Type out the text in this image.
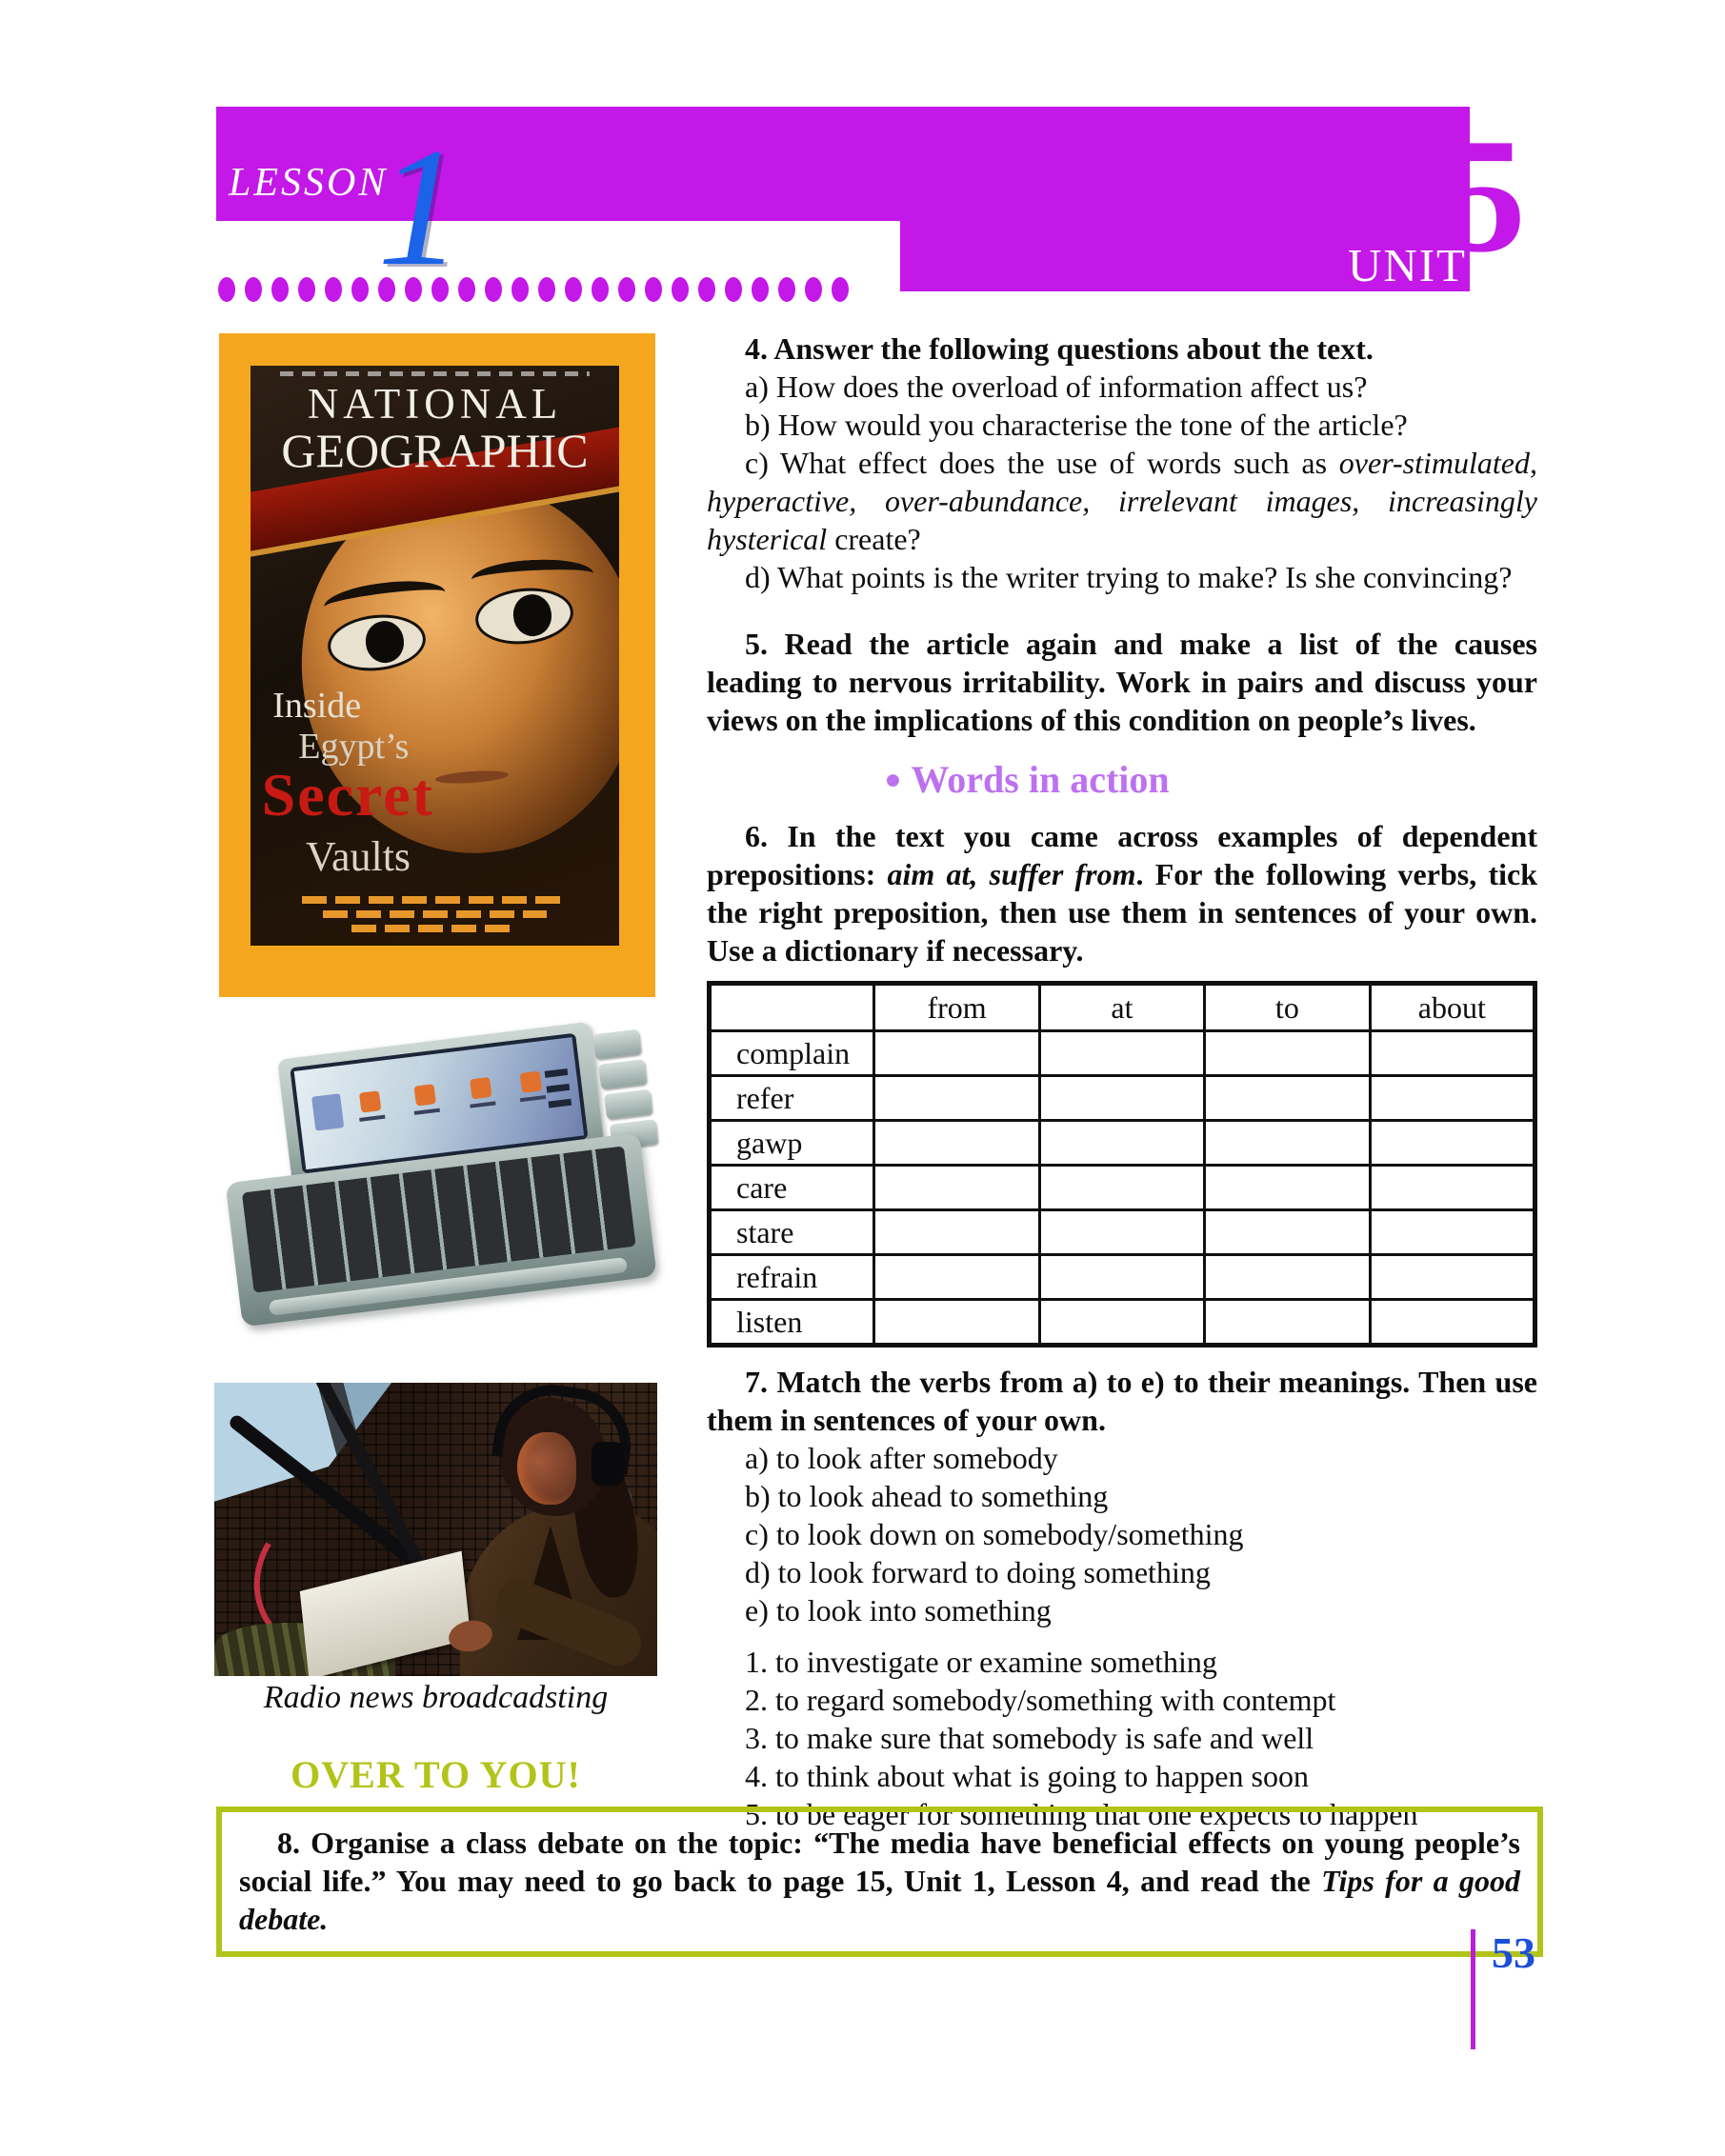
LESSON
1	UNIT
5
NATIONAL
GEOGRAPHIC
Inside
Egypt’s
Secret
Vaults
Radio news broadcadsting
OVER TO YOU!

4. Answer the following questions about the text.

a) How does the overload of information affect us?

b) How would you characterise the tone of the article?

c) What effect does the use of words such as over-stimulated, hyperactive, over-abundance, irrelevant images, increasingly hysterical create?

d) What points is the writer trying to make? Is she convincing?

5. Read the article again and make a list of the causes leading to nervous irritability. Work in pairs and discuss your views on the implications of this condition on people’s lives.

● Words in action

6. In the text you came across examples of dependent prepositions: aim at, suffer from. For the following verbs, tick the right preposition, then use them in sentences of your own. Use a dictionary if necessary.

	from	at	to	about
complain				
refer				
gawp				
care				
stare				
refrain				
listen				

7. Match the verbs from a) to e) to their meanings. Then use them in sentences of your own.

a) to look after somebody

b) to look ahead to something

c) to look down on somebody/something

d) to look forward to doing something

e) to look into something

1. to investigate or examine something

2. to regard somebody/something with contempt

3. to make sure that somebody is safe and well

4. to think about what is going to happen soon

5. to be eager for something that one expects to happen

8. Organise a class debate on the topic: “The media have beneficial effects on young people’s social life.” You may need to go back to page 15, Unit 1, Lesson 4, and read the Tips for a good debate.

53
